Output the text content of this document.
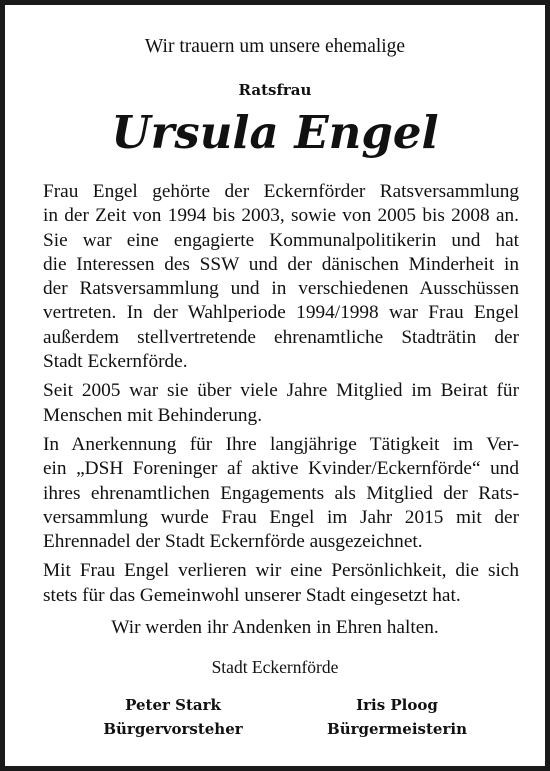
Wir trauern um unsere ehemalige
Ratsfrau
Ursula Engel

Frau Engel gehörte der Eckernförder Ratsversammlung
in der Zeit von 1994 bis 2003, sowie von 2005 bis 2008 an.
Sie war eine engagierte Kommunalpolitikerin und hat
die Interessen des SSW und der dänischen Minderheit in
der Ratsversammlung und in verschiedenen Ausschüssen
vertreten. In der Wahlperiode 1994/1998 war Frau Engel
außerdem stellvertretende ehrenamtliche Stadträtin der
Stadt Eckernförde.

Seit 2005 war sie über viele Jahre Mitglied im Beirat für
Menschen mit Behinderung.

In Anerkennung für Ihre langjährige Tätigkeit im Ver-
ein „DSH Foreninger af aktive Kvinder/Eckernförde“ und
ihres ehrenamtlichen Engagements als Mitglied der Rats-
versammlung wurde Frau Engel im Jahr 2015 mit der
Ehrennadel der Stadt Eckernförde ausgezeichnet.

Mit Frau Engel verlieren wir eine Persönlichkeit, die sich
stets für das Gemeinwohl unserer Stadt eingesetzt hat.

Wir werden ihr Andenken in Ehren halten.
Stadt Eckernförde
Peter Stark
Bürgervorsteher
Iris Ploog
Bürgermeisterin
